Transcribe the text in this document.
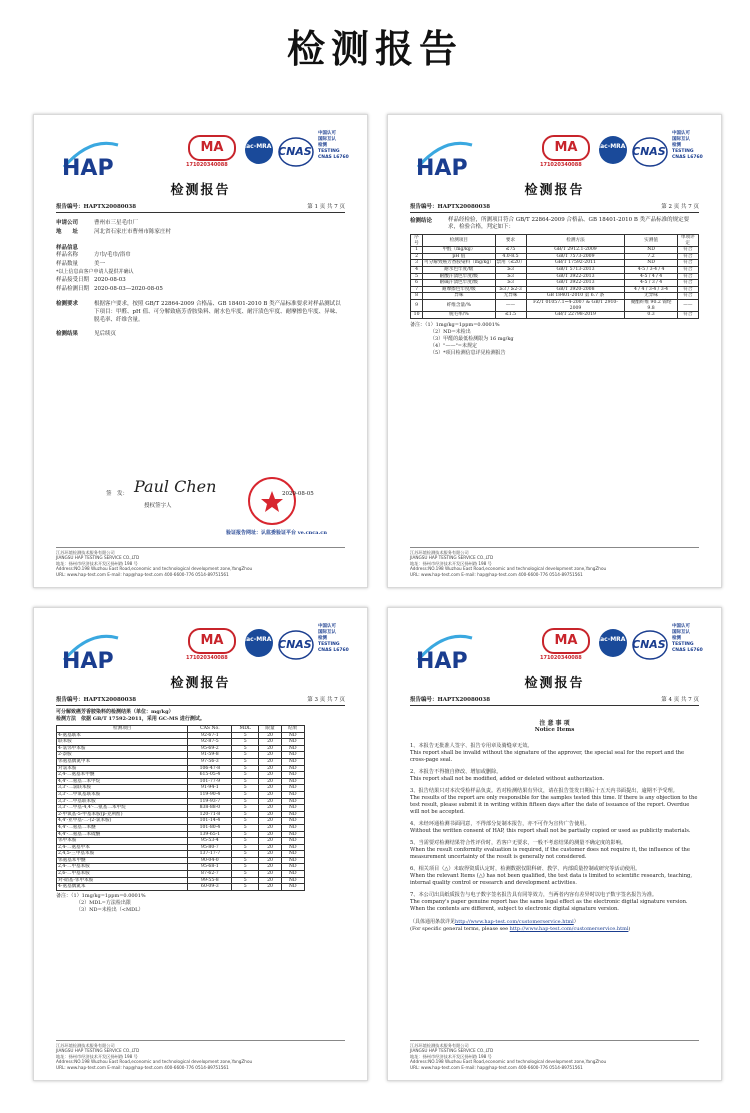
检测报告
HAP
MA
171020340088
ilac-MRA CNAS
中国认可
国际互认
检测
TESTING
CNAS L6760
检测报告
报告编号：HAPTX20080038	第 1 页 共 7 页
申请公司	曹州市三星毛巾厂
地　　址	河北省石家庄市曹州市陈家庄村
样品信息
样品名称	方巾/毛巾/浴巾
样品数量	美一
*以上信息由客户申请人提供并确认
样品接受日期 2020-08-03
样品检测日期 2020-08-03—2020-08-05
检测要求	根据客户要求，按照 GB/T 22864-2009 合格品、GB 18401-2010 B 类产品标准要求对样品测试以下项目：甲醛、pH 值、可分解致癌芳香胺染料、耐水色牢度、耐汗渍色牢度、耐摩擦色牢度、异味、脱毛率、纤维含量。
检测结果	见后续页
签　发： Paul Chen
授权签字人
2020-08-05
验证报告网址：认监委验证平台 ve.cnca.cn
江苏环境检测技术服务有限公司
JIANGSU HAP TESTING SERVICE CO.,LTD
地址：扬州市经济技术开发区扬州路 198 号
Address:NO.198 Wuzhou East Road,economic and technological development zone,YangZhou
URL: www.hap-test.com E-mail: hap@hap-test.com 400-6600-776 0514-89751561
HAP
MA
171020340088
ilac-MRA CNAS
中国认可
国际互认
检测
TESTING
CNAS L6760
检测报告
报告编号：HAPTX20080038	第 2 页 共 7 页
检测结论	样品经检验，所测项目符合 GB/T 22864-2009 合格品、GB 18401-2010 B 类产品标准的规定要求，检验合格，判定如下：
序号	检测项目	要求	检测方法	实测值	单项评定
1	甲醛（mg/kg）	≤75	GB/T 2912.1-2009	ND	符合
2	pH 值	4.0-8.5	GB/T 7573-2009	7.2	符合
3	可分解致癌芳香胺染料（mg/kg）	禁用（≤20）	GB/T 17592-2011	ND	符合
4	耐水色牢度/级	≥3	GB/T 5713-2013	4-5 / 3-4 / 4	符合
5	耐酸汗渍色牢度/级	≥3	GB/T 3922-2013	4-5 / 4 / 4	符合
6	耐碱汗渍色牢度/级	≥3	GB/T 3922-2013	4-5 / 3 / 4	符合
7	耐摩擦色牢度/级	≥3 / ≥2-3	GB/T 3920-2008	4 / 4 / 3-4 / 3-4	符合
8	异味	无异味	GB 18401-2010 第 6.7 条	无异味	符合
9	纤维含量/%	——	FZ/T 01057.1~4-2007 & GB/T 2910-2009	聚酯纤维 90.2 锦纶 9.8	——
10	脱毛率/%	≤1.5	GB/T 22798-2019	0.3	符合
备注：（1）1mg/kg=1ppm=0.0001%
（2）ND=未检出
（3）甲醛的最低检测限为 16 mg/kg
（4）"——"=未规定
（5）*项目检测信息详见检测报告
江苏环境检测技术服务有限公司
JIANGSU HAP TESTING SERVICE CO.,LTD
地址：扬州市经济技术开发区扬州路 198 号
Address:NO.198 Wuzhou East Road,economic and technological development zone,YangZhou
URL: www.hap-test.com E-mail: hap@hap-test.com 400-6600-776 0514-89751561
HAP
MA
171020340088
ilac-MRA CNAS
中国认可
国际互认
检测
TESTING
CNAS L6760
检测报告
报告编号：HAPTX20080038	第 3 页 共 7 页
可分解致癌芳香胺染料的检测结果（单位：mg/kg）
检测方法　依据 GB/T 17592-2011，采用 GC-MS 进行测试。
检测项目	CAS No.	MDL	限量	结果
4-氨基联苯	92-67-1	5	20	ND
联苯胺	92-87-5	5	20	ND
4-氯邻甲苯胺	95-69-2	5	20	ND
2-萘胺	91-59-8	5	20	ND
邻氨基偶氮甲苯	97-56-3	5	20	ND
对氯苯胺	106-47-8	5	20	ND
2,4-二氨基苯甲醚	615-05-4	5	20	ND
4,4'-二氨基二苯甲烷	101-77-9	5	20	ND
3,3'-二氯联苯胺	91-94-1	5	20	ND
3,3'-二甲氧基联苯胺	119-90-4	5	20	ND
3,3'-二甲基联苯胺	119-93-7	5	20	ND
3,3'-二甲基-4,4'-二氨基二苯甲烷	838-88-0	5	20	ND
2-甲氧基-5-甲基苯胺(p-克利酊)	120-71-8	5	20	ND
4,4'-亚甲基-二-(2-氯苯胺)	101-14-4	5	20	ND
4,4'-二氨基二苯醚	101-80-4	5	20	ND
4,4'-二氨基二苯硫醚	139-65-1	5	20	ND
邻甲苯胺	95-53-4	5	20	ND
2,4-二氨基甲苯	95-80-7	5	20	ND
2,4,5-三甲基苯胺	137-17-7	5	20	ND
邻氨基苯甲醚	90-04-0	5	20	ND
2,4-二甲基苯胺	95-68-1	5	20	ND
2,6-二甲基苯胺	87-62-7	5	20	ND
对-硝基-邻甲苯胺	99-55-8	5	20	ND
4-氨基偶氮苯	60-09-3	5	20	ND
备注：（1）1mg/kg=1ppm=0.0001%
（2）MDL=方法检出限
（3）ND=未检出（<MDL）
江苏环境检测技术服务有限公司
JIANGSU HAP TESTING SERVICE CO.,LTD
地址：扬州市经济技术开发区扬州路 198 号
Address:NO.198 Wuzhou East Road,economic and technological development zone,YangZhou
URL: www.hap-test.com E-mail: hap@hap-test.com 400-6600-776 0514-89751561
HAP
MA
171020340088
ilac-MRA CNAS
中国认可
国际互认
检测
TESTING
CNAS L6760
检测报告
报告编号：HAPTX20080038	第 4 页 共 7 页
注 意 事 项
Notice Items

1、本报告无批准人签字、报告专用章及骑缝章无效。
This report shall be invalid without the signature of the approver, the special seal for the report and the cross-page seal.

2、本报告不得擅自修改、增加或删除。
This report shall not be modified, added or deleted without authorization.

3、报告结果只对本次受检样品负责。若对检测结果有异议，请在报告签发日期后十五天内书面提出，逾期不予受理。
The results of the report are only responsible for the samples tested this time. If there is any objection to the test result, please submit it in writing within fifteen days after the date of issuance of the report. Overdue will not be accepted.

4、未经环通检测书面同意，不得部分复制本报告，亦不可作为宣传广告使用。
Without the written consent of HAP, this report shall not be partially copied or used as publicity materials.

5、当需要对检测结果符合性评价时，若客户无要求，一般不考虑结果的测量不确定度的影响。
When the result conformity evaluation is required, if the customer does not require it, the influence of the measurement uncertainty of the result is generally not considered.

6、相关项目（△）未取得资质认定时，检测数据仅限科研、教学、内部质量控制或研究等活动使用。
When the relevant Items (△) has not been qualified, the test data is limited to scientific research, teaching, internal quality control or research and development activities.

7、本公司出具纸质报告与电子数字签名报告具有同等效力，当两者内容有差异时以电子数字签名报告为准。
The company's paper genuine report has the same legal effect as the electronic digital signature version. When the contents are different, subject to electronic digital signature version.

（具体通用条款详见http://www.hap-test.com/customerservice.html）
(For specific general terms, please see http://www.hap-test.com/customerservice.html)
江苏环境检测技术服务有限公司
JIANGSU HAP TESTING SERVICE CO.,LTD
地址：扬州市经济技术开发区扬州路 198 号
Address:NO.198 Wuzhou East Road,economic and technological development zone,YangZhou
URL: www.hap-test.com E-mail: hap@hap-test.com 400-6600-776 0514-89751561
